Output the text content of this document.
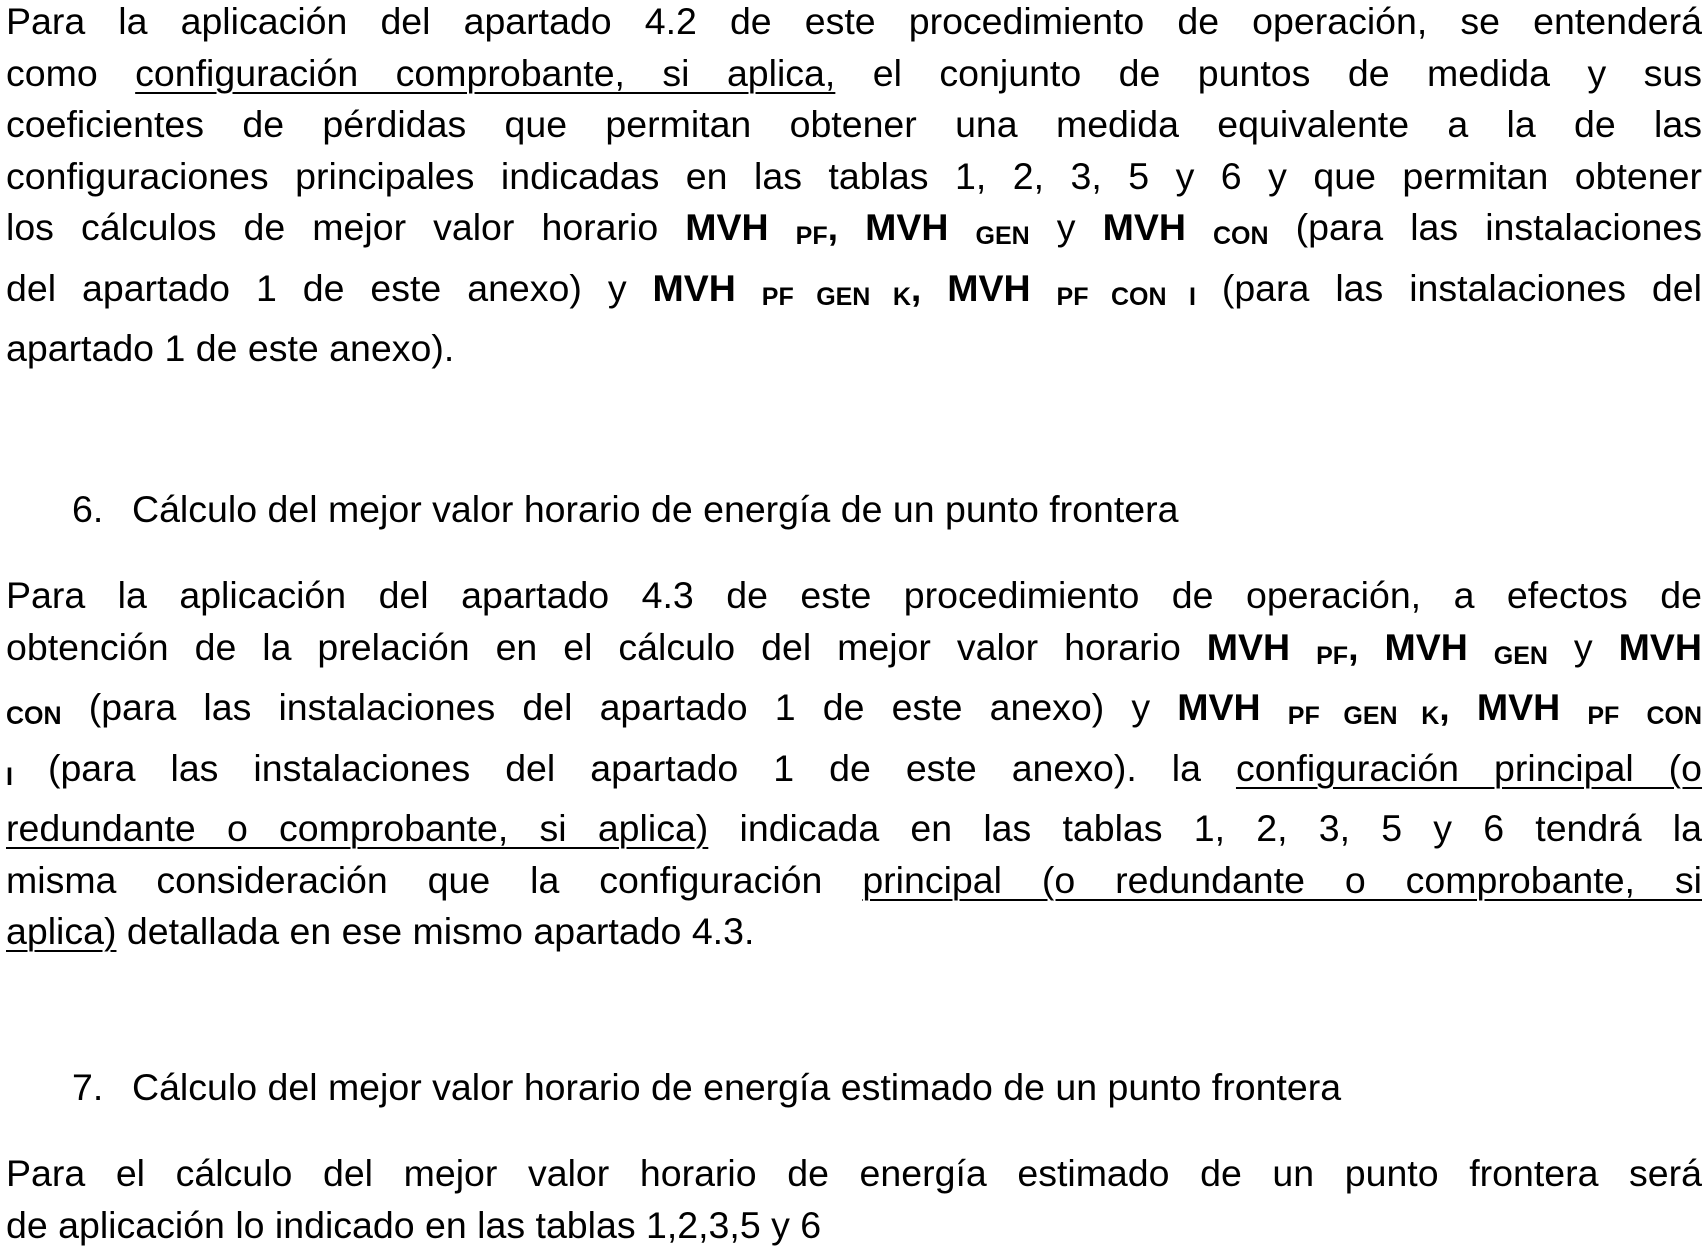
Para la aplicación del apartado 4.2 de este procedimiento de operación, se entenderá
como configuración comprobante, si aplica, el conjunto de puntos de medida y sus
coeficientes de pérdidas que permitan obtener una medida equivalente a la de las
configuraciones principales indicadas en las tablas 1, 2, 3, 5 y 6 y que permitan obtener
los cálculos de mejor valor horario MVH PF, MVH GEN y MVH CON (para las instalaciones
del apartado 1 de este anexo) y MVH PF GEN K, MVH PF CON I (para las instalaciones del
apartado 1 de este anexo).
6. Cálculo del mejor valor horario de energía de un punto frontera
Para la aplicación del apartado 4.3 de este procedimiento de operación, a efectos de
obtención de la prelación en el cálculo del mejor valor horario MVH PF, MVH GEN y MVH
CON (para las instalaciones del apartado 1 de este anexo) y MVH PF GEN K, MVH PF CON
I (para las instalaciones del apartado 1 de este anexo). la configuración principal (o
redundante o comprobante, si aplica) indicada en las tablas 1, 2, 3, 5 y 6 tendrá la
misma consideración que la configuración principal (o redundante o comprobante, si
aplica) detallada en ese mismo apartado 4.3.
7. Cálculo del mejor valor horario de energía estimado de un punto frontera
Para el cálculo del mejor valor horario de energía estimado de un punto frontera será
de aplicación lo indicado en las tablas 1,2,3,5 y 6
